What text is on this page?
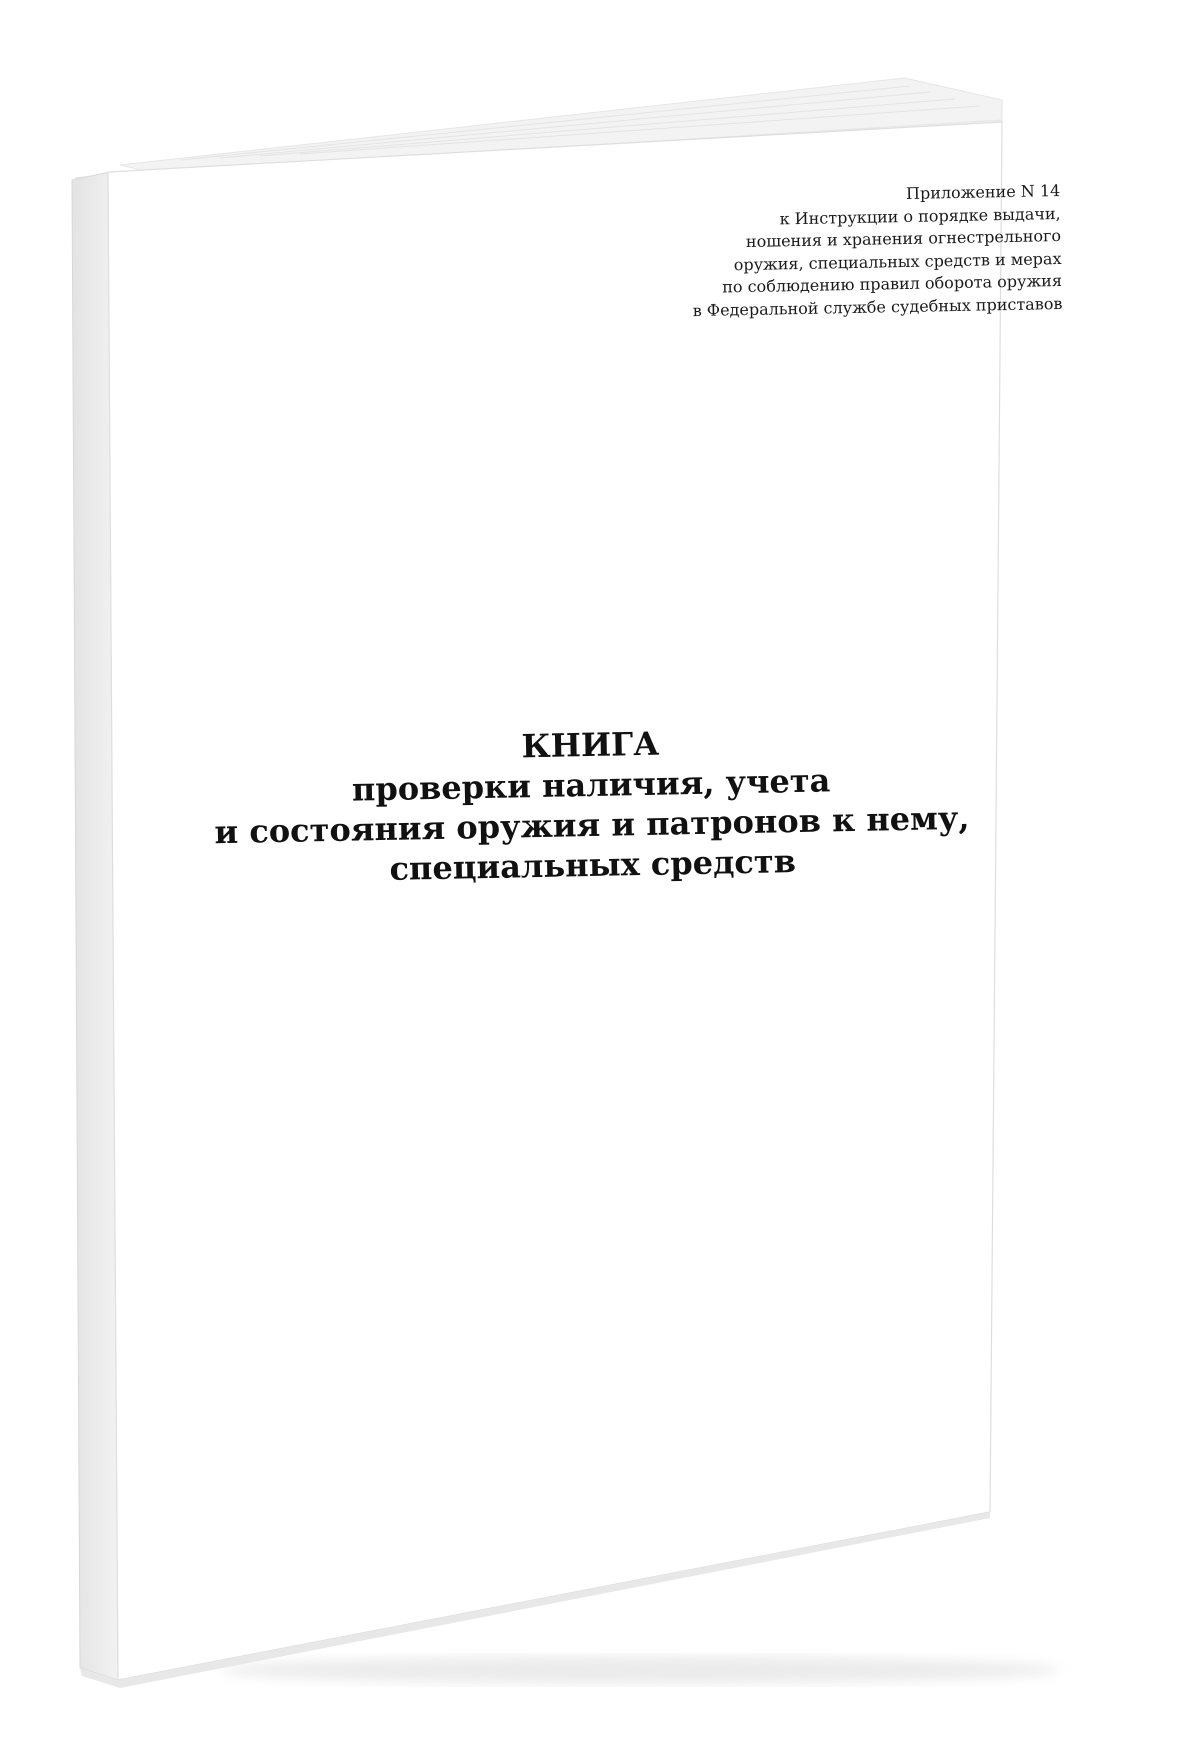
Приложение N 14
к Инструкции о порядке выдачи,
ношения и хранения огнестрельного
оружия, специальных средств и мерах
по соблюдению правил оборота оружия
в Федеральной службе судебных приставов
КНИГА
проверки наличия, учета
и состояния оружия и патронов к нему,
специальных средств
